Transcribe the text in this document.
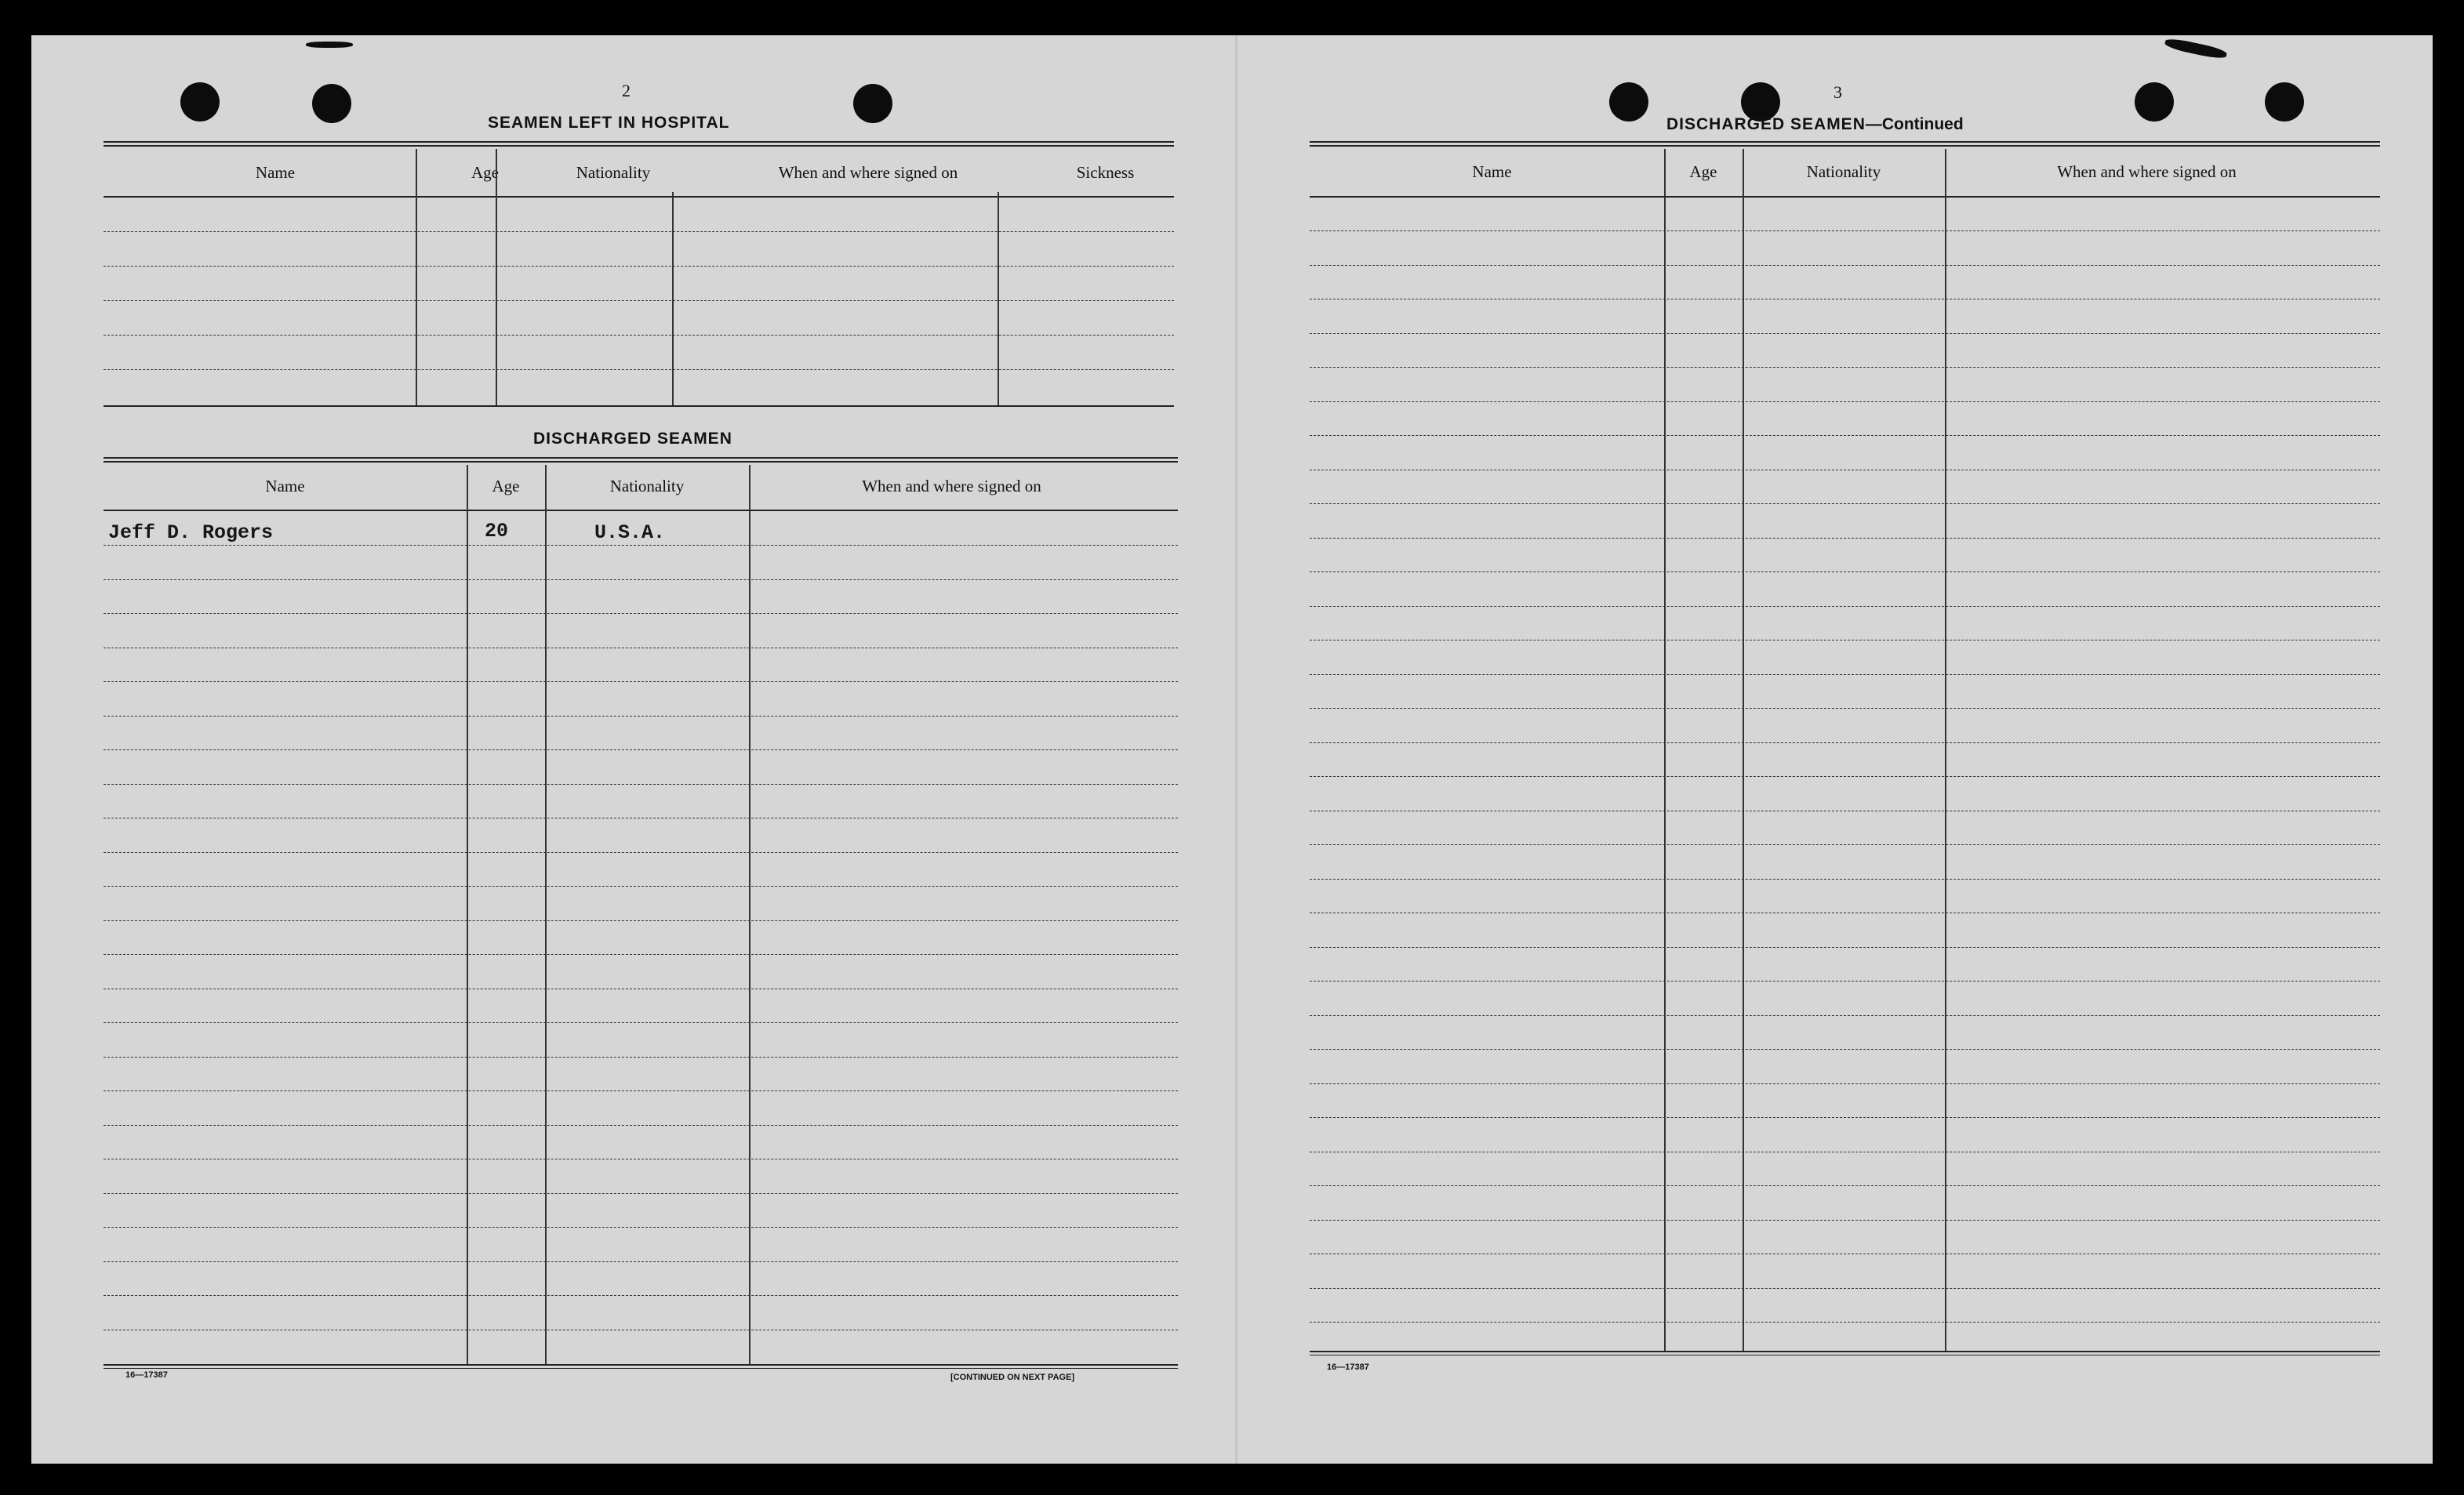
2
SEAMEN LEFT IN HOSPITAL
Name	Age	Nationality	When and where signed on	Sickness
DISCHARGED SEAMEN
Name	Age	Nationality	When and where signed on
Jeff D. Rogers	20	U.S.A.
16—17387	[CONTINUED ON NEXT PAGE]
3
DISCHARGED SEAMEN—Continued
Name	Age	Nationality	When and where signed on
16—17387
